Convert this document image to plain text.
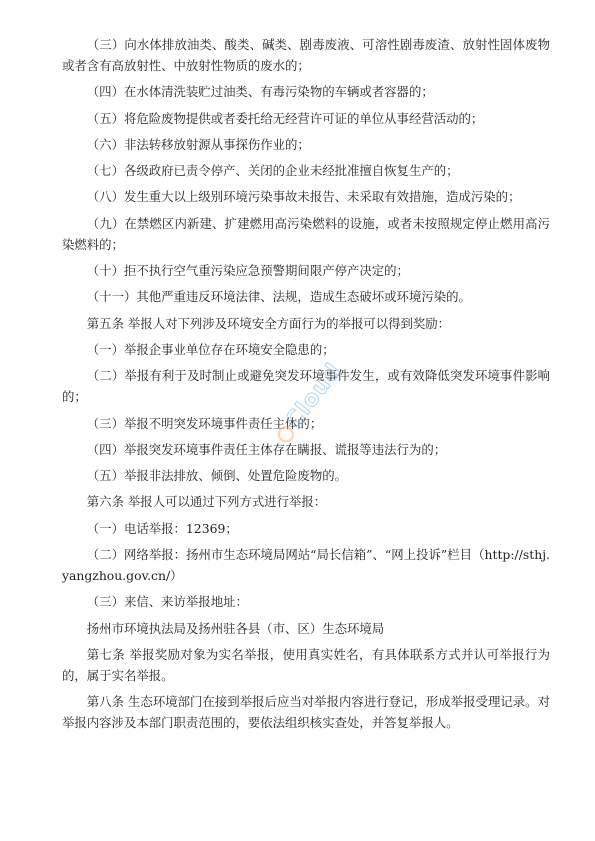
（三）向水体排放油类、酸类、碱类、剧毒废液、可溶性剧毒废渣、放射性固体废物或者含有高放射性、中放射性物质的废水的；

（四）在水体清洗装贮过油类、有毒污染物的车辆或者容器的；

（五）将危险废物提供或者委托给无经营许可证的单位从事经营活动的；

（六）非法转移放射源从事探伤作业的；

（七）各级政府已责令停产、关闭的企业未经批准擅自恢复生产的；

（八）发生重大以上级别环境污染事故未报告、未采取有效措施，造成污染的；

（九）在禁燃区内新建、扩建燃用高污染燃料的设施，或者未按照规定停止燃用高污染燃料的；

（十）拒不执行空气重污染应急预警期间限产停产决定的；

（十一）其他严重违反环境法律、法规，造成生态破坏或环境污染的。

第五条 举报人对下列涉及环境安全方面行为的举报可以得到奖励：

（一）举报企事业单位存在环境安全隐患的；

（二）举报有利于及时制止或避免突发环境事件发生，或有效降低突发环境事件影响的；

（三）举报不明突发环境事件责任主体的；

（四）举报突发环境事件责任主体存在瞒报、谎报等违法行为的；

（五）举报非法排放、倾倒、处置危险废物的。

第六条 举报人可以通过下列方式进行举报：

（一）电话举报：12369；

（二）网络举报：扬州市生态环境局网站“局长信箱”、“网上投诉”栏目（http://sthj.yangzhou.gov.cn/）

（三）来信、来访举报地址：

扬州市环境执法局及扬州驻各县（市、区）生态环境局

第七条 举报奖励对象为实名举报，使用真实姓名，有具体联系方式并认可举报行为的，属于实名举报。

第八条 生态环境部门在接到举报后应当对举报内容进行登记，形成举报受理记录。对举报内容涉及本部门职责范围的，要依法组织核实查处，并答复举报人。

Cloud
